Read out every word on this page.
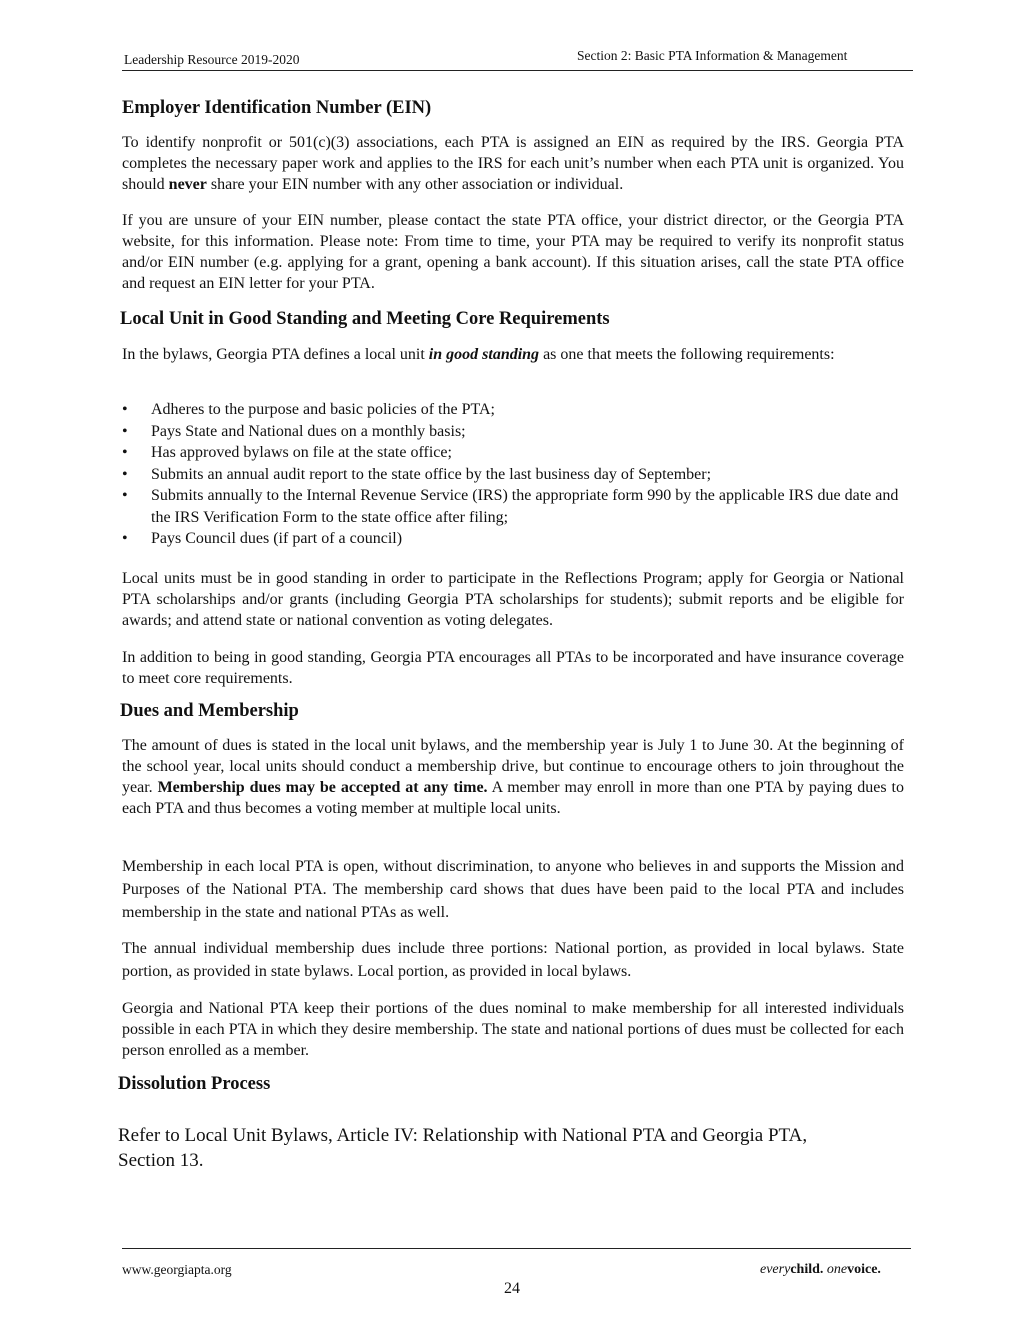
Leadership Resource 2019-2020	Section 2: Basic PTA Information & Management
Employer Identification Number (EIN)

To identify nonprofit or 501(c)(3) associations, each PTA is assigned an EIN as required by the IRS. Georgia PTA completes the necessary paper work and applies to the IRS for each unit’s number when each PTA unit is organized. You should never share your EIN number with any other association or individual.

If you are unsure of your EIN number, please contact the state PTA office, your district director, or the Georgia PTA website, for this information. Please note: From time to time, your PTA may be required to verify its nonprofit status and/or EIN number (e.g. applying for a grant, opening a bank account). If this situation arises, call the state PTA office and request an EIN letter for your PTA.

Local Unit in Good Standing and Meeting Core Requirements

In the bylaws, Georgia PTA defines a local unit in good standing as one that meets the following requirements:

• Adheres to the purpose and basic policies of the PTA;
• Pays State and National dues on a monthly basis;
• Has approved bylaws on file at the state office;
• Submits an annual audit report to the state office by the last business day of September;
• Submits annually to the Internal Revenue Service (IRS) the appropriate form 990 by the applicable IRS due date and the IRS Verification Form to the state office after filing;
• Pays Council dues (if part of a council)

Local units must be in good standing in order to participate in the Reflections Program; apply for Georgia or National PTA scholarships and/or grants (including Georgia PTA scholarships for students); submit reports and be eligible for awards; and attend state or national convention as voting delegates.

In addition to being in good standing, Georgia PTA encourages all PTAs to be incorporated and have insurance coverage to meet core requirements.

Dues and Membership

The amount of dues is stated in the local unit bylaws, and the membership year is July 1 to June 30. At the beginning of the school year, local units should conduct a membership drive, but continue to encourage others to join throughout the year. Membership dues may be accepted at any time. A member may enroll in more than one PTA by paying dues to each PTA and thus becomes a voting member at multiple local units.

Membership in each local PTA is open, without discrimination, to anyone who believes in and supports the Mission and Purposes of the National PTA. The membership card shows that dues have been paid to the local PTA and includes membership in the state and national PTAs as well.

The annual individual membership dues include three portions: National portion, as provided in local bylaws. State portion, as provided in state bylaws. Local portion, as provided in local bylaws.

Georgia and National PTA keep their portions of the dues nominal to make membership for all interested individuals possible in each PTA in which they desire membership. The state and national portions of dues must be collected for each person enrolled as a member.

Dissolution Process

Refer to Local Unit Bylaws, Article IV: Relationship with National PTA and Georgia PTA, Section 13.

www.georgiapta.org	everychild. onevoice.
24
